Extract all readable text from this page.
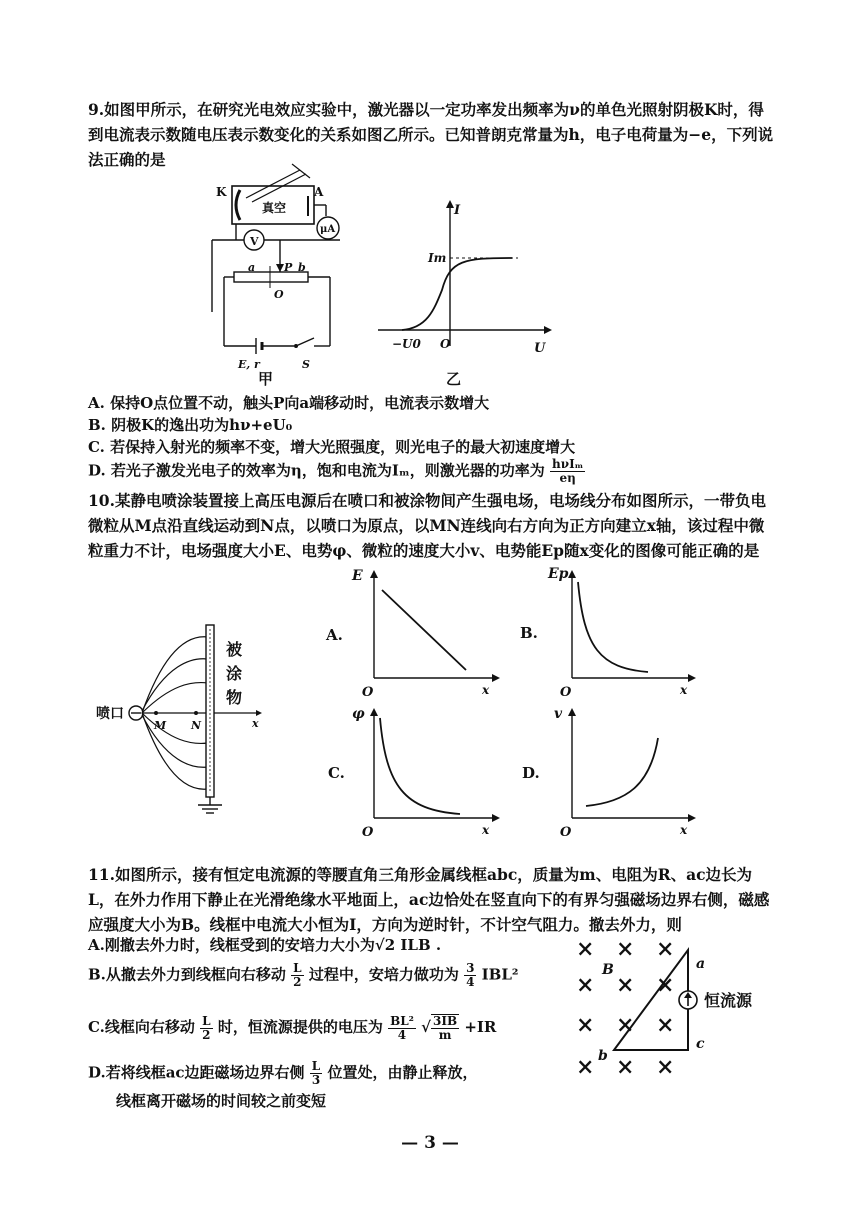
9.如图甲所示，在研究光电效应实验中，激光器以一定功率发出频率为ν的单色光照射阴极K时，得到电流表示数随电压表示数变化的关系如图乙所示。已知普朗克常量为h，电子电荷量为−e，下列说法正确的是
K	A
真空
μA
V
a	P b
O
E, r	S
甲
I
Im
−U0 O	U
乙
A. 保持O点位置不动，触头P向a端移动时，电流表示数增大
B. 阴极K的逸出功为hν+eU₀
C. 若保持入射光的频率不变，增大光照强度，则光电子的最大初速度增大
D. 若光子激发光电子的效率为η，饱和电流为Iₘ，则激光器的功率为 $\frac{\text{hνIₘ}}{e\eta}$
10.某静电喷涂装置接上高压电源后在喷口和被涂物间产生强电场，电场线分布如图所示，一带负电微粒从M点沿直线运动到N点，以喷口为原点，以MN连线向右方向为正方向建立x轴，该过程中微粒重力不计，电场强度大小E、电势φ、微粒的速度大小v、电势能Ep随x变化的图像可能正确的是
被
涂
物
喷口
M N	x
A.
E
O	x
B.
Ep
O	x
C.
φ
O	x
D.
v
O	x
11.如图所示，接有恒定电流源的等腰直角三角形金属线框abc，质量为m、电阻为R、ac边长为L，在外力作用下静止在光滑绝缘水平地面上，ac边恰处在竖直向下的有界匀强磁场边界右侧，磁感应强度大小为B。线框中电流大小恒为I，方向为逆时针，不计空气阻力。撤去外力，则
A.刚撤去外力时，线框受到的安培力大小为√2 ILB .
B.从撤去外力到线框向右移动 $\frac{L}{2}$ 过程中，安培力做功为 $\frac{3}{4} IBL^2$
C.线框向右移动 $\frac{L}{2}$ 时，恒流源提供的电压为 $\frac{\text{BL²}}{4}$ √ $\frac{3IB}{m} +IR$
D.若将线框ac边距磁场边界右侧 $\frac{L}{3}$ 位置处，由静止释放，
线框离开磁场的时间较之前变短
× × ×
× × ×
× × ×
× × ×
a
c
b
B
恒流源
— 3 —
